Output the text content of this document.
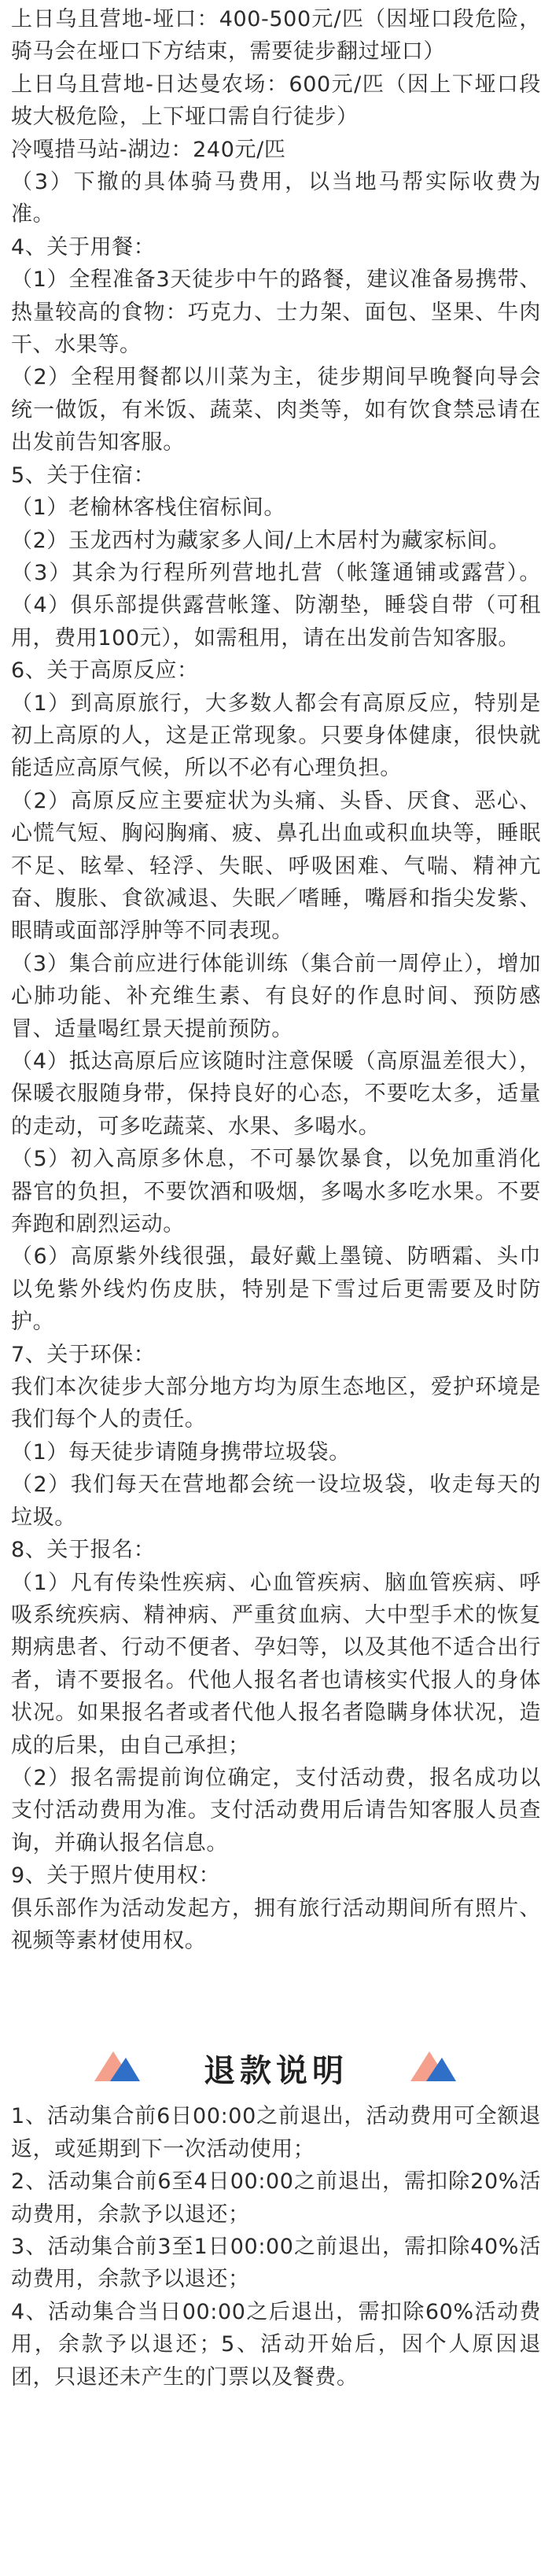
上日乌且营地-垭口：400-500元/匹（因垭口段危险，骑马会在垭口下方结束，需要徒步翻过垭口）

上日乌且营地-日达曼农场：600元/匹（因上下垭口段坡大极危险，上下垭口需自行徒步）

冷嘎措马站-湖边：240元/匹

（3）下撤的具体骑马费用，以当地马帮实际收费为准。

4、关于用餐：

（1）全程准备3天徒步中午的路餐，建议准备易携带、热量较高的食物：巧克力、士力架、面包、坚果、牛肉干、水果等。

（2）全程用餐都以川菜为主，徒步期间早晚餐向导会统一做饭，有米饭、蔬菜、肉类等，如有饮食禁忌请在出发前告知客服。

5、关于住宿：

（1）老榆林客栈住宿标间。

（2）玉龙西村为藏家多人间/上木居村为藏家标间。

（3）其余为行程所列营地扎营（帐篷通铺或露营）。（4）俱乐部提供露营帐篷、防潮垫，睡袋自带（可租用，费用100元），如需租用，请在出发前告知客服。

6、关于高原反应：

（1）到高原旅行，大多数人都会有高原反应，特别是初上高原的人，这是正常现象。只要身体健康，很快就能适应高原气候，所以不必有心理负担。

（2）高原反应主要症状为头痛、头昏、厌食、恶心、心慌气短、胸闷胸痛、疲、鼻孔出血或积血块等，睡眠不足、眩晕、轻浮、失眠、呼吸困难、气喘、精神亢奋、腹胀、食欲减退、失眠／嗜睡，嘴唇和指尖发紫、眼睛或面部浮肿等不同表现。

（3）集合前应进行体能训练（集合前一周停止），增加心肺功能、补充维生素、有良好的作息时间、预防感冒、适量喝红景天提前预防。

（4）抵达高原后应该随时注意保暖（高原温差很大），保暖衣服随身带，保持良好的心态，不要吃太多，适量的走动，可多吃蔬菜、水果、多喝水。

（5）初入高原多休息，不可暴饮暴食，以免加重消化器官的负担，不要饮酒和吸烟，多喝水多吃水果。不要奔跑和剧烈运动。

（6）高原紫外线很强，最好戴上墨镜、防晒霜、头巾以免紫外线灼伤皮肤，特别是下雪过后更需要及时防护。

7、关于环保：

我们本次徒步大部分地方均为原生态地区，爱护环境是我们每个人的责任。

（1）每天徒步请随身携带垃圾袋。

（2）我们每天在营地都会统一设垃圾袋，收走每天的垃圾。

8、关于报名：

（1）凡有传染性疾病、心血管疾病、脑血管疾病、呼吸系统疾病、精神病、严重贫血病、大中型手术的恢复期病患者、行动不便者、孕妇等，以及其他不适合出行者，请不要报名。代他人报名者也请核实代报人的身体状况。如果报名者或者代他人报名者隐瞒身体状况，造成的后果，由自己承担；

（2）报名需提前询位确定，支付活动费，报名成功以支付活动费用为准。支付活动费用后请告知客服人员查询，并确认报名信息。

9、关于照片使用权：

俱乐部作为活动发起方，拥有旅行活动期间所有照片、视频等素材使用权。

退款说明

1、活动集合前6日00:00之前退出，活动费用可全额退返，或延期到下一次活动使用；

2、活动集合前6至4日00:00之前退出，需扣除20%活动费用，余款予以退还；

3、活动集合前3至1日00:00之前退出，需扣除40%活动费用，余款予以退还；

4、活动集合当日00:00之后退出，需扣除60%活动费用，余款予以退还；5、活动开始后，因个人原因退团，只退还未产生的门票以及餐费。
